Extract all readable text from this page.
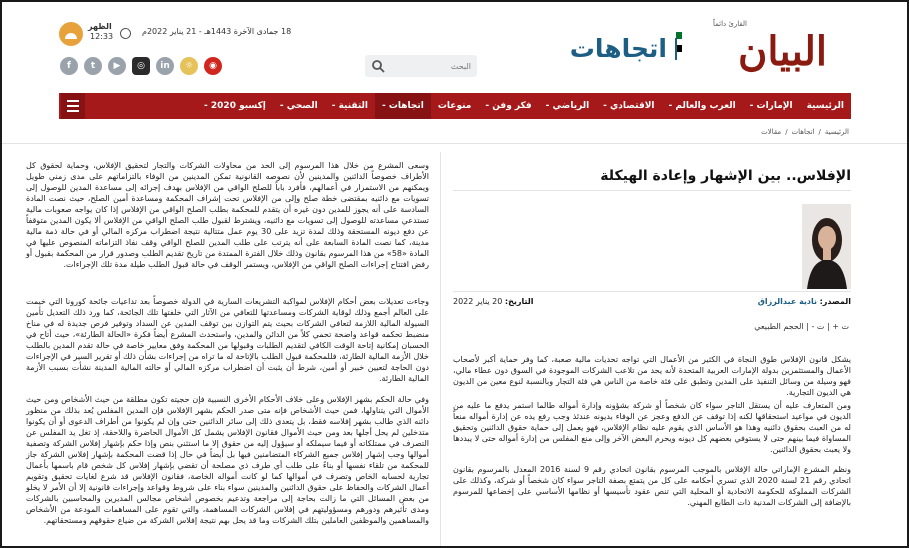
القارئ دائماً
البيان
اتجاهات
البحث
الظهر
12:33
18 جمادى الآخرة 1443هـ - 21 يناير 2022م
f	t	▶	◎	in	☼	◉
الرئيسية
الإمارات -
العرب والعالم -
الاقتصادي -
الرياضي -
فكر وفن -
منوعات
اتجاهات -
التقنية -
الصحي -
إكسبو 2020 -
الرئيسية
/
اتجاهات
/
مقالات
الإفلاس.. بين الإشهار وإعادة الهيكلة
المصدر: نادية عبدالرزاق
التاريخ: 20 يناير 2022
ت + | ت - | الحجم الطبيعي
يشكل قانون الإفلاس طوق النجاة في الكثير من الأعمال التي تواجه تحديات مالية صعبة، كما وفر حماية أكبر لأصحاب الأعمال والمستثمرين بدولة الإمارات العربية المتحدة لأنه يحد من تلاعب الشركات الموجودة في السوق دون عطاء مالي، فهو وسيلة من وسائل التنفيذ على المدين وتطبق على فئة خاصة من الناس هي فئة التجار وبالنسبة لنوع معين من الديون هي الديون التجارية.
ومن المتعارف عليه أن يستقل التاجر سواء كان شخصاً أو شركة بشؤونه وإدارة أمواله طالما استمر يدفع ما عليه من الديون في مواعيد استحقاقها لكنه إذا توقف عن الدفع وعجز عن الوفاء بديونه عندئذ وجب رفع يده عن إدارة أمواله منعاً له من العبث بحقوق دائنيه وهذا هو الأساس الذي يقوم عليه نظام الإفلاس، فهو يعمل إلى حماية حقوق الدائنين وتحقيق المساواة فيما بينهم حتى لا يستوفي بعضهم كل ديونه ويحرم البعض الآخر وإلى منع المفلس من إدارة أمواله حتى لا يبددها ولا يعبث بحقوق الدائنين.
ونظم المشرع الإماراتي حالة الإفلاس بالموجب المرسوم بقانون اتحادي رقم 9 لسنة 2016 المعدل بالمرسوم بقانون اتحادي رقم 21 لسنة 2020 الذي تسري أحكامه على كل من يتمتع بصفة التاجر سواء كان شخصاً أو شركة، وكذلك على الشركات المملوكة للحكومة الاتحادية أو المحلية التي تنص عقود تأسيسها أو نظامها الأساسي على إخضاعها للمرسوم بالإضافة إلى الشركات المدنية ذات الطابع المهني.
وسعى المشرع من خلال هذا المرسوم إلى الحد من محاولات الشركات والتجار لتحقيق الإفلاس، وحماية لحقوق كل الأطراف خصوصاً الدائنين والمدينين لأن نصوصه القانونية تمكن المدينين من الوفاء بالتزاماتهم على مدى زمني طويل ويمكنهم من الاستمرار في أعمالهم، فأفرد باباً للصلح الواقي من الإفلاس بهدف إجرائه إلى مساعدة المدين للوصول إلى تسويات مع دائنيه بمقتضى خطة صلح وإلى من الإفلاس تحت إشراف المحكمة ومساعدة أمين الصلح، حيث نصت المادة السادسة على أنه يجوز للمدين دون غيره أن يتقدم للمحكمة بطلب الصلح الواقي من الإفلاس إذا كان يواجه صعوبات مالية تستدعي مساعدته للوصول إلى تسويات مع دائنيه، ويشترط لقبول طلب الصلح الواقي من الإفلاس ألا يكون المدين متوقفاً عن دفع ديونه المستحقة وذلك لمدة تزيد على 30 يوم عمل متتالية نتيجة اضطراب مركزه المالي أو في حالة ذمة مالية مدينة، كما نصت المادة السابعة على أنه يترتب على طلب المدين للصلح الواقي وقف نفاذ التزاماته المنصوص عليها في المادة «58» من هذا المرسوم بقانون وذلك خلال الفترة الممتدة من تاريخ تقديم الطلب وصدور قرار من المحكمة بقبول أو رفض افتتاح إجراءات الصلح الواقي من الإفلاس، ويستمر الوقف في حالة قبول الطلب طيلة مدة تلك الإجراءات.
وجاءت تعديلات بعض أحكام الإفلاس لمواكبة التشريعات السارية في الدولة خصوصاً بعد تداعيات جائحة كورونا التي خيمت على العالم أجمع وذلك لوقاية الشركات ومساعدتها للتعافي من الآثار التي خلفتها تلك الجائحة، كما ورد ذلك التعديل تأمين السيولة المالية اللازمة لتعافي الشركات بحيث يتم التوازن بين توقف المدين عن السداد وتوفير فرص جديدة له في مناخ منضبط تحكمه قواعد واضحة تحمي كلاً من الدائن والمدين، واستحدث المشرع أيضاً فكرة «الحالة الطارئة»، حيث أتاح في الحسبان إمكانية إتاحة الوقت الكافي لتقديم الطلبات وقبولها من المحكمة وفق معايير خاصة في حالة تقدم المدين بالطلب خلال الأزمة المالية الطارئة، فللمحكمة قبول الطلب بالإتاحة له ما تراه من إجراءات بشأن ذلك أو تقرير السير في الإجراءات دون الحاجة لتعيين خبير أو أمين، شرط أن يثبت أن اضطراب مركزه المالي أو حالته المالية المدينة نشأت بسبب الأزمة المالية الطارئة.
وفي حالة الحكم بشهر الإفلاس وعلى خلاف الأحكام الأخرى النسبية فإن حجيته تكون مطلقة من حيث الأشخاص ومن حيث الأموال التي يتناولها، فمن حيث الأشخاص فإنه متى صدر الحكم بشهر الإفلاس فإن المدين المفلس يُعد بذلك من منظور دائنه الذي طالب بشهر إفلاسه فقط، بل يتعدى ذلك إلى سائر الدائنين حتى وإن لم يكونوا من أطراف الدعوى أو أن يكونوا متدخلين لم يحل أجلها بعد ومن حيث الأموال فقانون الإفلاس يشمل كل الأموال الحاضرة واللاحقة، إذ تغل يد المفلس عن التصرف في ممتلكاته أو فيما سيملكه أو سيؤول إليه من حقوق إلا ما استثني بنص وإذا حكم بإشهار إفلاس الشركة وتصفية أموالها وجب إشهار إفلاس جميع الشركاء المتضامنين فيها بل أيضاً في حال إذا قضت المحكمة بإشهار إفلاس الشركة جاز للمحكمة من تلقاء نفسها أو بناءً على طلب أي طرف ذي مصلحة أن تقضي بإشهار إفلاس كل شخص قام باسمها بأعمال تجارية لحسابه الخاص وتصرف في أموالها كما لو كانت أمواله الخاصة، فقانون الإفلاس قد شرع لغايات تحقيق وتقويم أعمال الشركات والحفاظ على حقوق الدائنين والمدينين سواء بناء على شروط وقواعد وإجراءات قانونية إلا أن الأمر لا يخلو من بعض المسائل التي ما زالت بحاجة إلى مراجعة وتدعيم بخصوص أشخاص مجالس المديرين والمحاسبين بالشركات ومدى تأثيرهم ودورهم ومسؤوليتهم في إفلاس الشركات المساهمة، والتي تقوم على المساهمات المودعة من الأشخاص والمساهمين والموظفين العاملين بتلك الشركات وما قد يحل بهم نتيجة إفلاس الشركة من ضياع حقوقهم ومستحقاتهم.
